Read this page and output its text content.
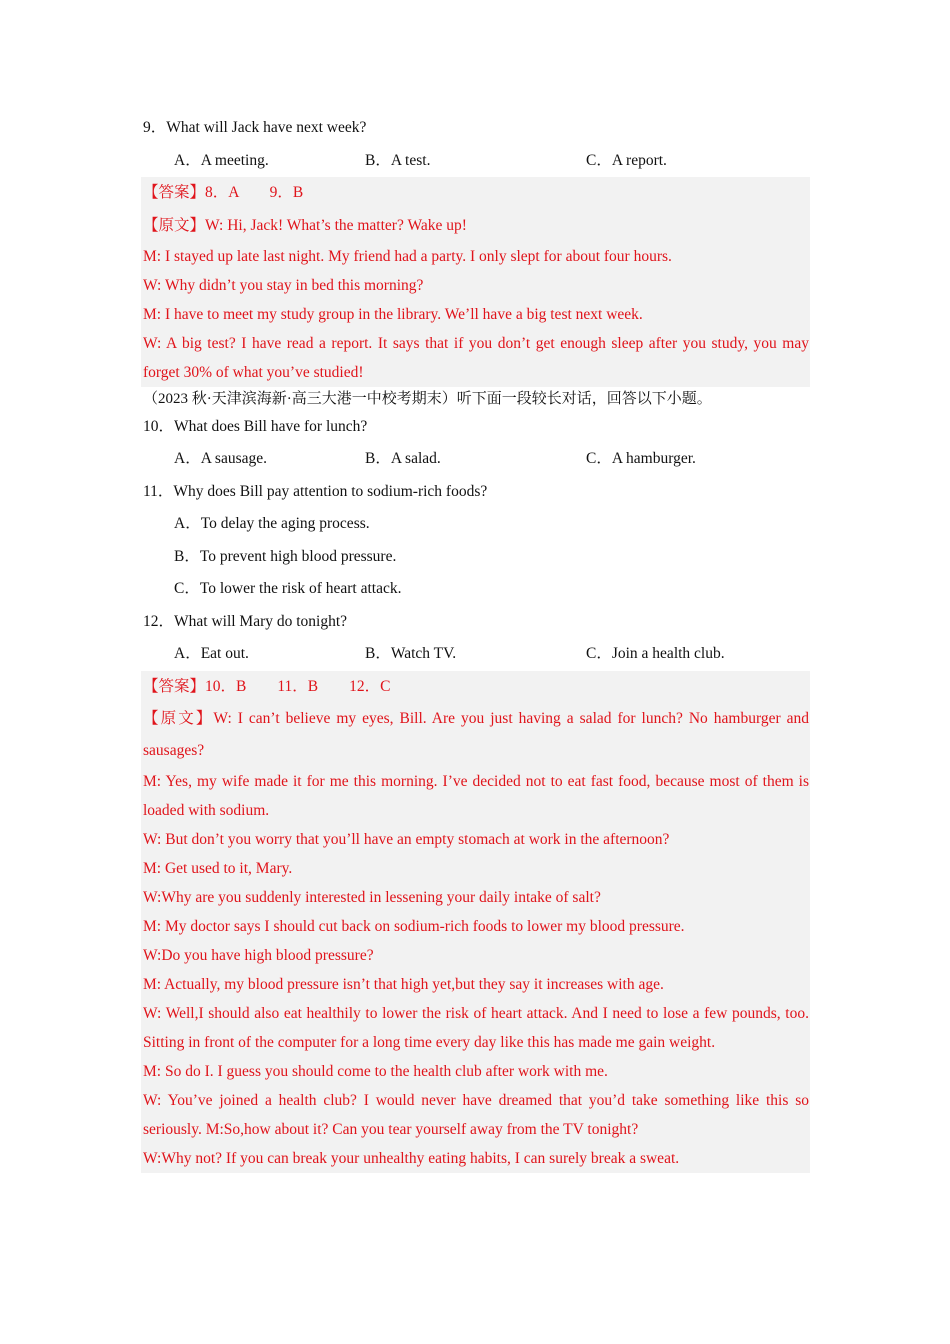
9．What will Jack have next week?
A．A meeting.	B．A test.	C．A report.
【答案】8．A　　9．B
【原文】W: Hi, Jack! What’s the matter? Wake up!
M: I stayed up late last night. My friend had a party. I only slept for about four hours.
W: Why didn’t you stay in bed this morning?
M: I have to meet my study group in the library. We’ll have a big test next week.
W: A big test? I have read a report. It says that if you don’t get enough sleep after you study, you may forget 30% of what you’ve studied!
（2023 秋·天津滨海新·高三大港一中校考期末）听下面一段较长对话，回答以下小题。
10．What does Bill have for lunch?
A．A sausage.	B．A salad.	C．A hamburger.
11．Why does Bill pay attention to sodium-rich foods?
A．To delay the aging process.
B．To prevent high blood pressure.
C．To lower the risk of heart attack.
12．What will Mary do tonight?
A．Eat out.	B．Watch TV.	C．Join a health club.
【答案】10．B　　11．B　　12．C
【原文】W: I can’t believe my eyes, Bill. Are you just having a salad for lunch? No hamburger and sausages?
M: Yes, my wife made it for me this morning. I’ve decided not to eat fast food, because most of them is loaded with sodium.
W: But don’t you worry that you’ll have an empty stomach at work in the afternoon?
M: Get used to it, Mary.
W:Why are you suddenly interested in lessening your daily intake of salt?
M: My doctor says I should cut back on sodium-rich foods to lower my blood pressure.
W:Do you have high blood pressure?
M: Actually, my blood pressure isn’t that high yet,but they say it increases with age.
W: Well,I should also eat healthily to lower the risk of heart attack. And I need to lose a few pounds, too. Sitting in front of the computer for a long time every day like this has made me gain weight.
M: So do I. I guess you should come to the health club after work with me.
W: You’ve joined a health club? I would never have dreamed that you’d take something like this so seriously. M:So,how about it? Can you tear yourself away from the TV tonight?
W:Why not? If you can break your unhealthy eating habits, I can surely break a sweat.
